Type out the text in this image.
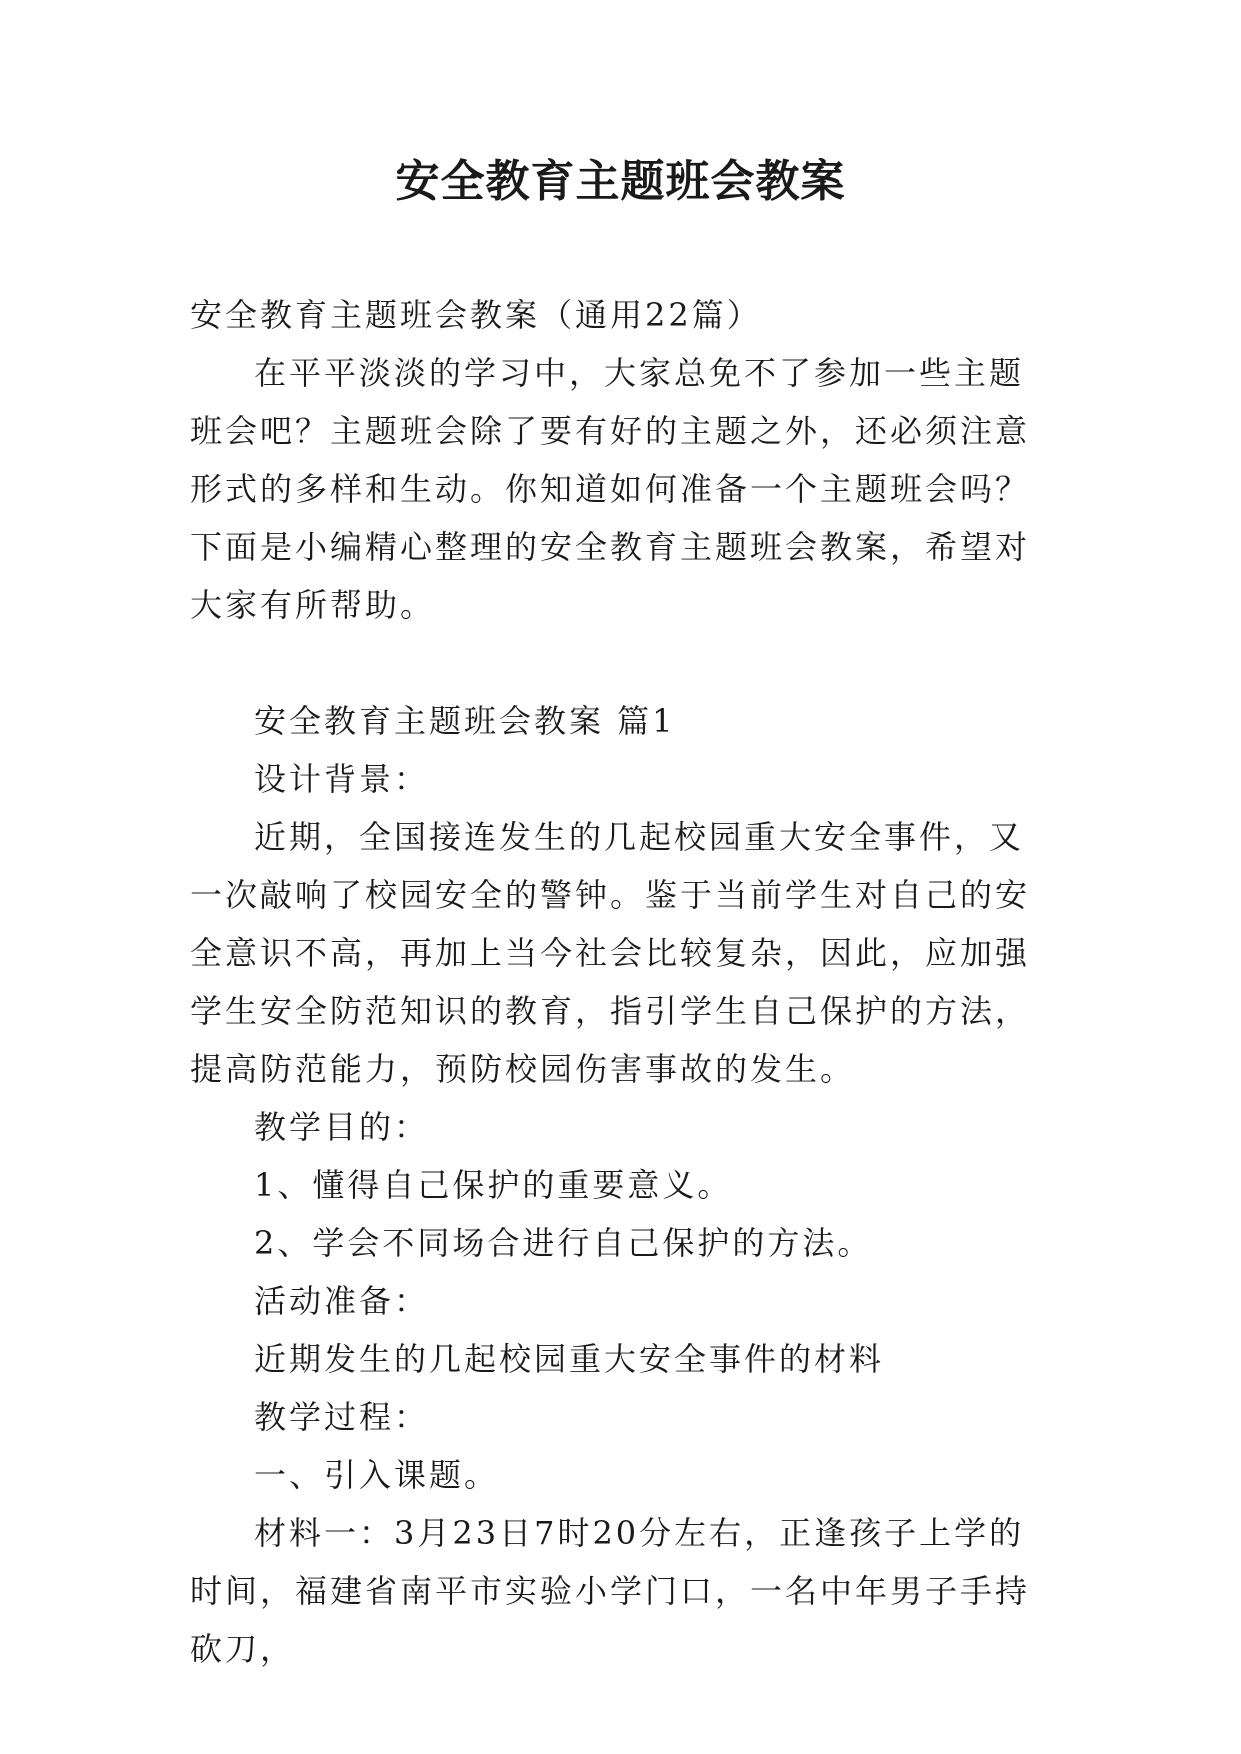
安全教育主题班会教案

安全教育主题班会教案（通用22篇）

在平平淡淡的学习中，大家总免不了参加一些主题班会吧？主题班会除了要有好的主题之外，还必须注意形式的多样和生动。你知道如何准备一个主题班会吗？下面是小编精心整理的安全教育主题班会教案，希望对大家有所帮助。

安全教育主题班会教案 篇1

设计背景：

近期，全国接连发生的几起校园重大安全事件，又一次敲响了校园安全的警钟。鉴于当前学生对自己的安全意识不高，再加上当今社会比较复杂，因此，应加强学生安全防范知识的教育，指引学生自己保护的方法，提高防范能力，预防校园伤害事故的发生。

教学目的：

1、懂得自己保护的重要意义。

2、学会不同场合进行自己保护的方法。

活动准备：

近期发生的几起校园重大安全事件的材料

教学过程：

一、引入课题。

材料一：3月23日7时20分左右，正逢孩子上学的时间，福建省南平市实验小学门口，一名中年男子手持砍刀，
